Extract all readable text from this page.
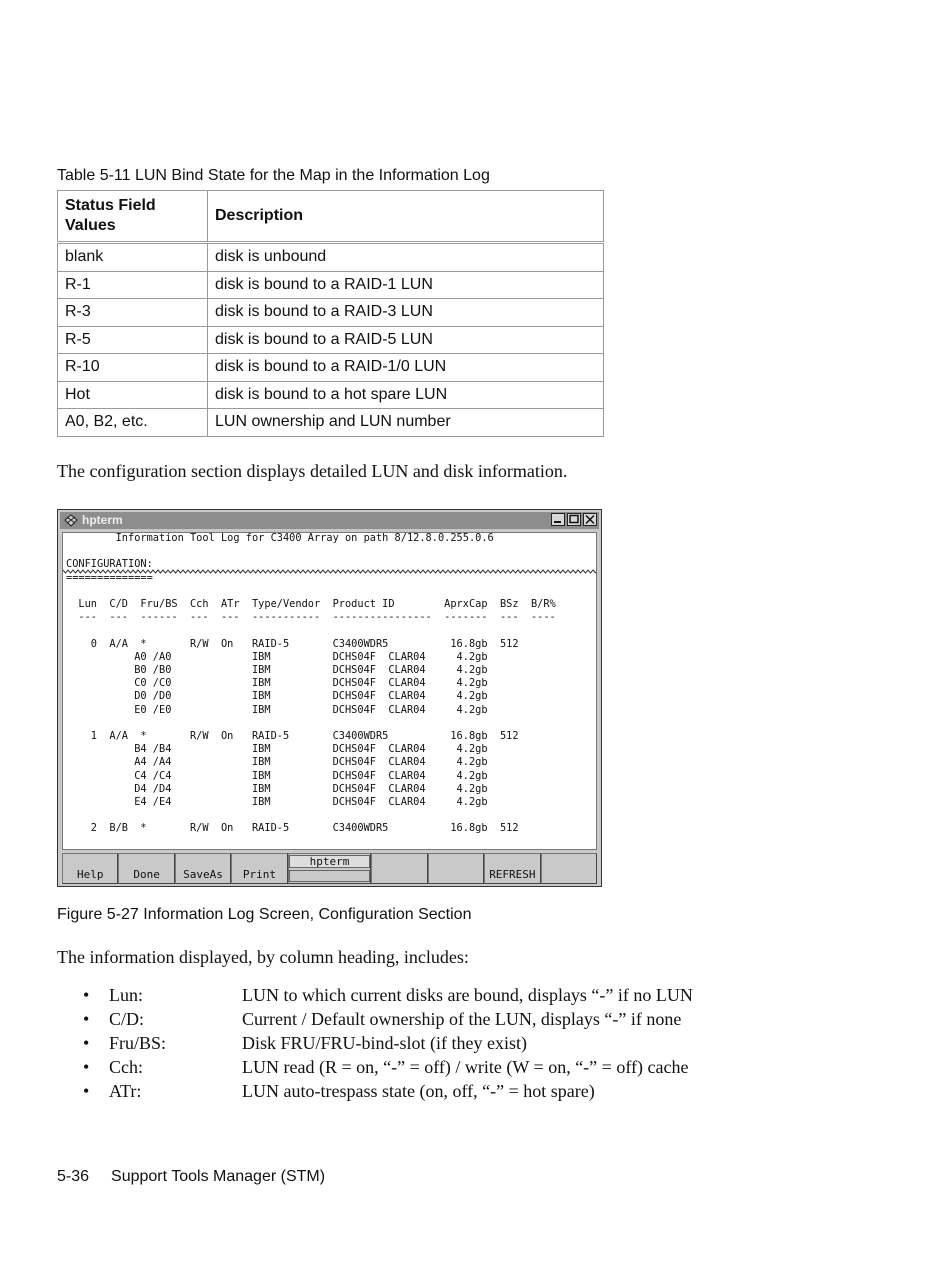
Table 5-11 LUN Bind State for the Map in the Information Log
Status Field
Values	Description
blank	disk is unbound
R-1	disk is bound to a RAID-1 LUN
R-3	disk is bound to a RAID-3 LUN
R-5	disk is bound to a RAID-5 LUN
R-10	disk is bound to a RAID-1/0 LUN
Hot	disk is bound to a hot spare LUN
A0, B2, etc.	LUN ownership and LUN number
The configuration section displays detailed LUN and disk information.
hpterm
Information Tool Log for C3400 Array on path 8/12.8.0.255.0.6

CONFIGURATION:
==============

Lun  C/D  Fru/BS  Cch  ATr  Type/Vendor  Product ID        AprxCap  BSz  B/R%
---  ---  ------  ---  ---  -----------  ----------------  -------  ---  ----

0  A/A  *       R/W  On   RAID-5       C3400WDR5          16.8gb  512
A0 /A0             IBM          DCHS04F  CLAR04     4.2gb
B0 /B0             IBM          DCHS04F  CLAR04     4.2gb
C0 /C0             IBM          DCHS04F  CLAR04     4.2gb
D0 /D0             IBM          DCHS04F  CLAR04     4.2gb
E0 /E0             IBM          DCHS04F  CLAR04     4.2gb

1  A/A  *       R/W  On   RAID-5       C3400WDR5          16.8gb  512
B4 /B4             IBM          DCHS04F  CLAR04     4.2gb
A4 /A4             IBM          DCHS04F  CLAR04     4.2gb
C4 /C4             IBM          DCHS04F  CLAR04     4.2gb
D4 /D4             IBM          DCHS04F  CLAR04     4.2gb
E4 /E4             IBM          DCHS04F  CLAR04     4.2gb

2  B/B  *       R/W  On   RAID-5       C3400WDR5          16.8gb  512
Help	Done	SaveAs	Print
hpterm
REFRESH
Figure 5-27 Information Log Screen, Configuration Section
The information displayed, by column heading, includes:
• Lun:	LUN to which current disks are bound, displays “-” if no LUN
• C/D:	Current / Default ownership of the LUN, displays “-” if none
• Fru/BS:	Disk FRU/FRU-bind-slot (if they exist)
• Cch:	LUN read (R = on, “-” = off) / write (W = on, “-” = off) cache
• ATr:	LUN auto-trespass state (on, off, “-” = hot spare)
5-36 Support Tools Manager (STM)
